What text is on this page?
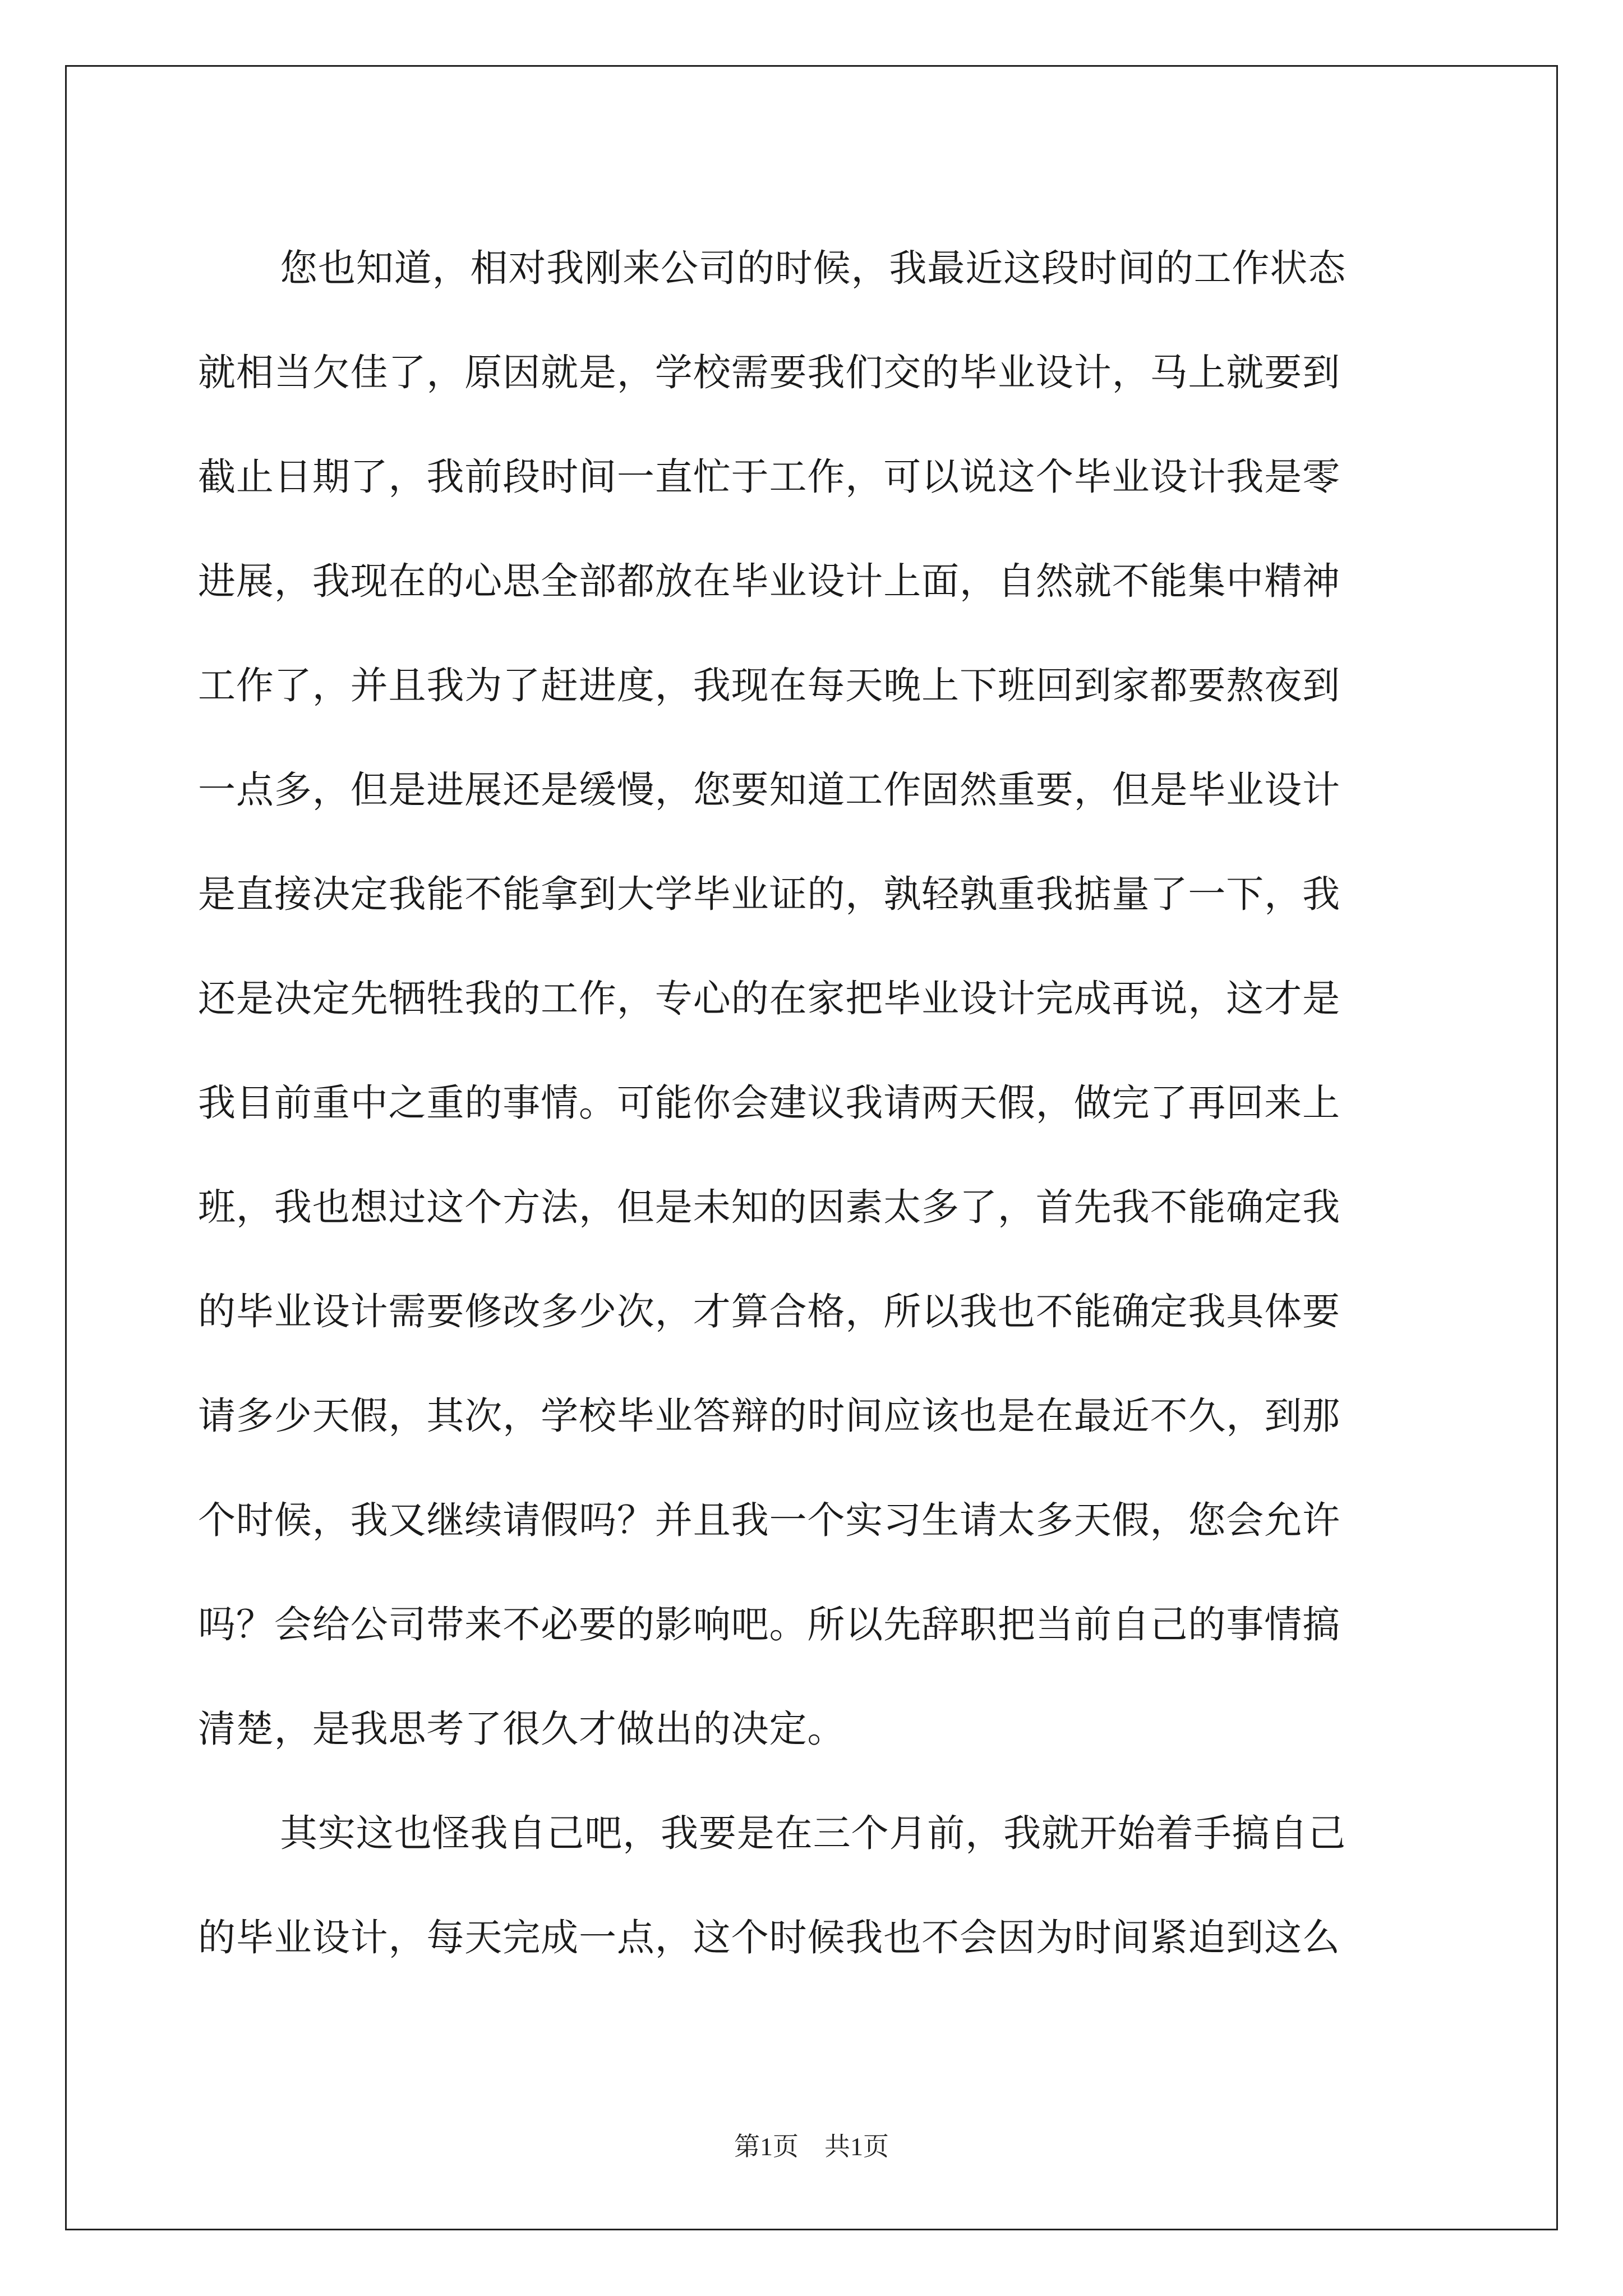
您也知道，相对我刚来公司的时候，我最近这段时间的工作状态
就相当欠佳了，原因就是，学校需要我们交的毕业设计，马上就要到
截止日期了，我前段时间一直忙于工作，可以说这个毕业设计我是零
进展，我现在的心思全部都放在毕业设计上面，自然就不能集中精神
工作了，并且我为了赶进度，我现在每天晚上下班回到家都要熬夜到
一点多，但是进展还是缓慢，您要知道工作固然重要，但是毕业设计
是直接决定我能不能拿到大学毕业证的，孰轻孰重我掂量了一下，我
还是决定先牺牲我的工作，专心的在家把毕业设计完成再说，这才是
我目前重中之重的事情。可能你会建议我请两天假，做完了再回来上
班，我也想过这个方法，但是未知的因素太多了，首先我不能确定我
的毕业设计需要修改多少次，才算合格，所以我也不能确定我具体要
请多少天假，其次，学校毕业答辩的时间应该也是在最近不久，到那
个时候，我又继续请假吗？并且我一个实习生请太多天假，您会允许
吗？会给公司带来不必要的影响吧。所以先辞职把当前自己的事情搞
清楚，是我思考了很久才做出的决定。
其实这也怪我自己吧，我要是在三个月前，我就开始着手搞自己
的毕业设计，每天完成一点，这个时候我也不会因为时间紧迫到这么
第1页　共1页
